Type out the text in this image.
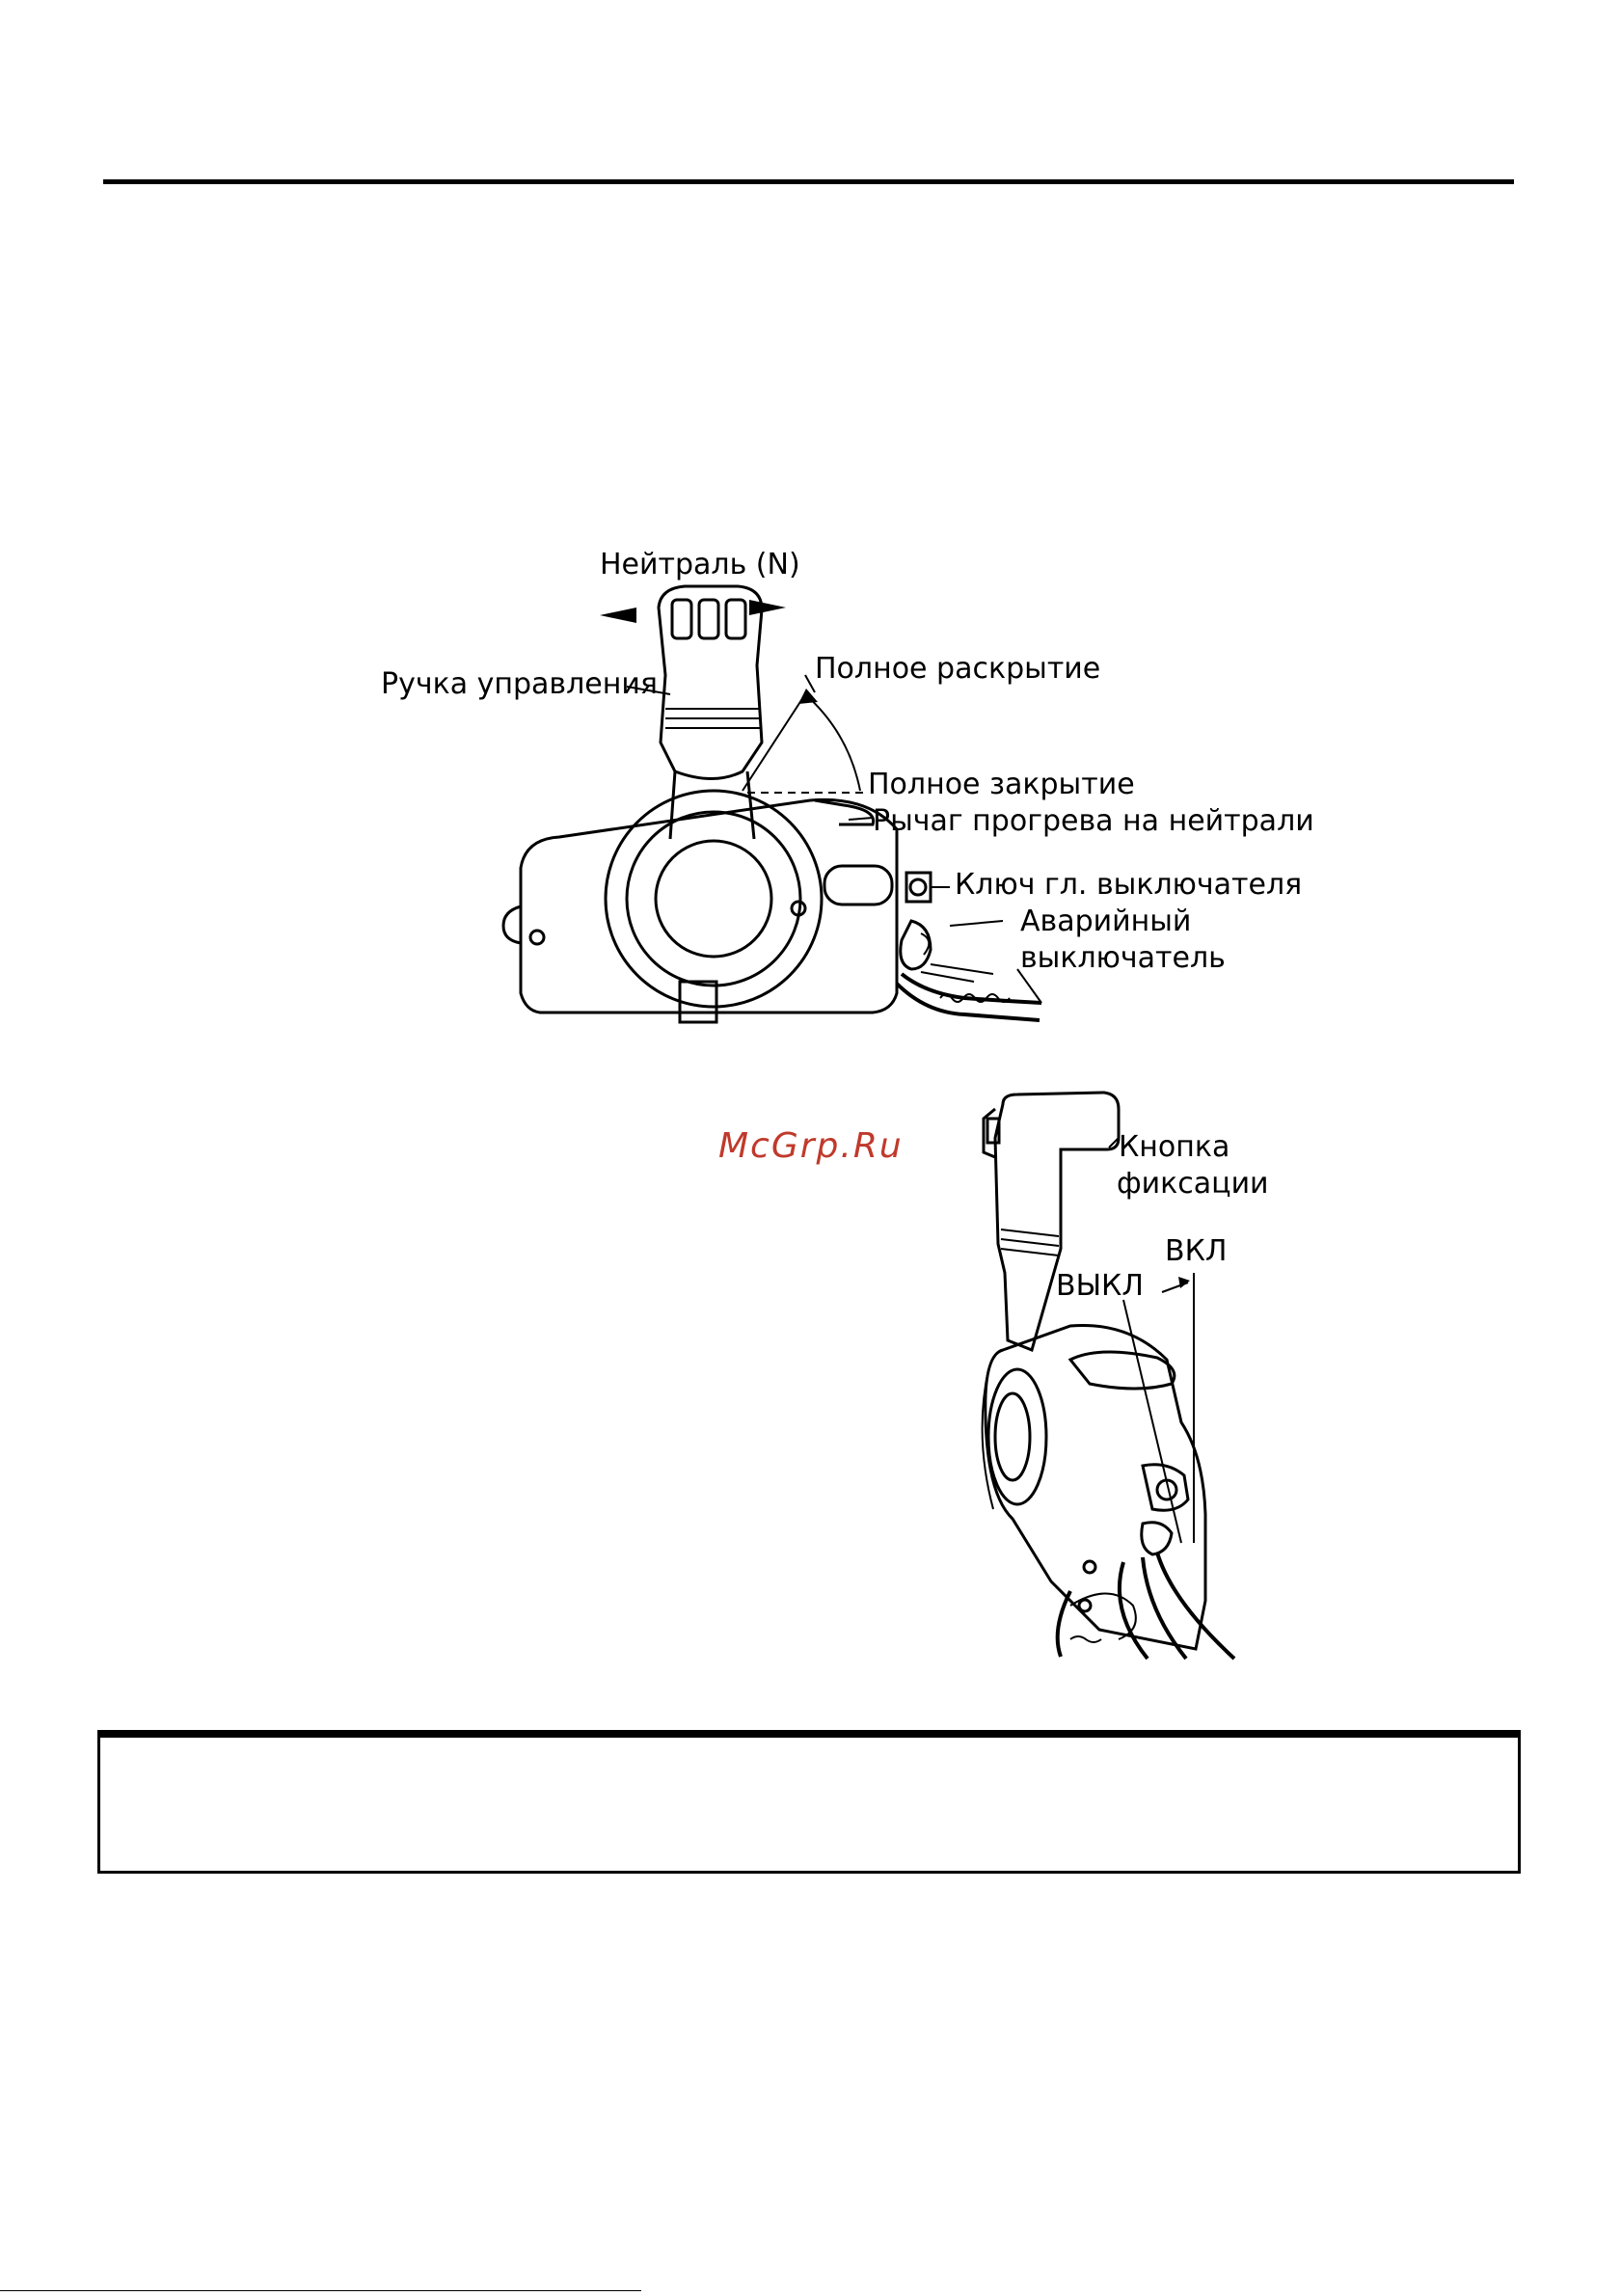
Нейтраль (N)
Ручка управления	Полное раскрытие
Полное закрытие
Рычаг прогрева на нейтрали
Ключ гл. выключателя
Аварийный
выключатель
McGrp.Ru	Кнопка
фиксации
ВКЛ
ВЫКЛ
